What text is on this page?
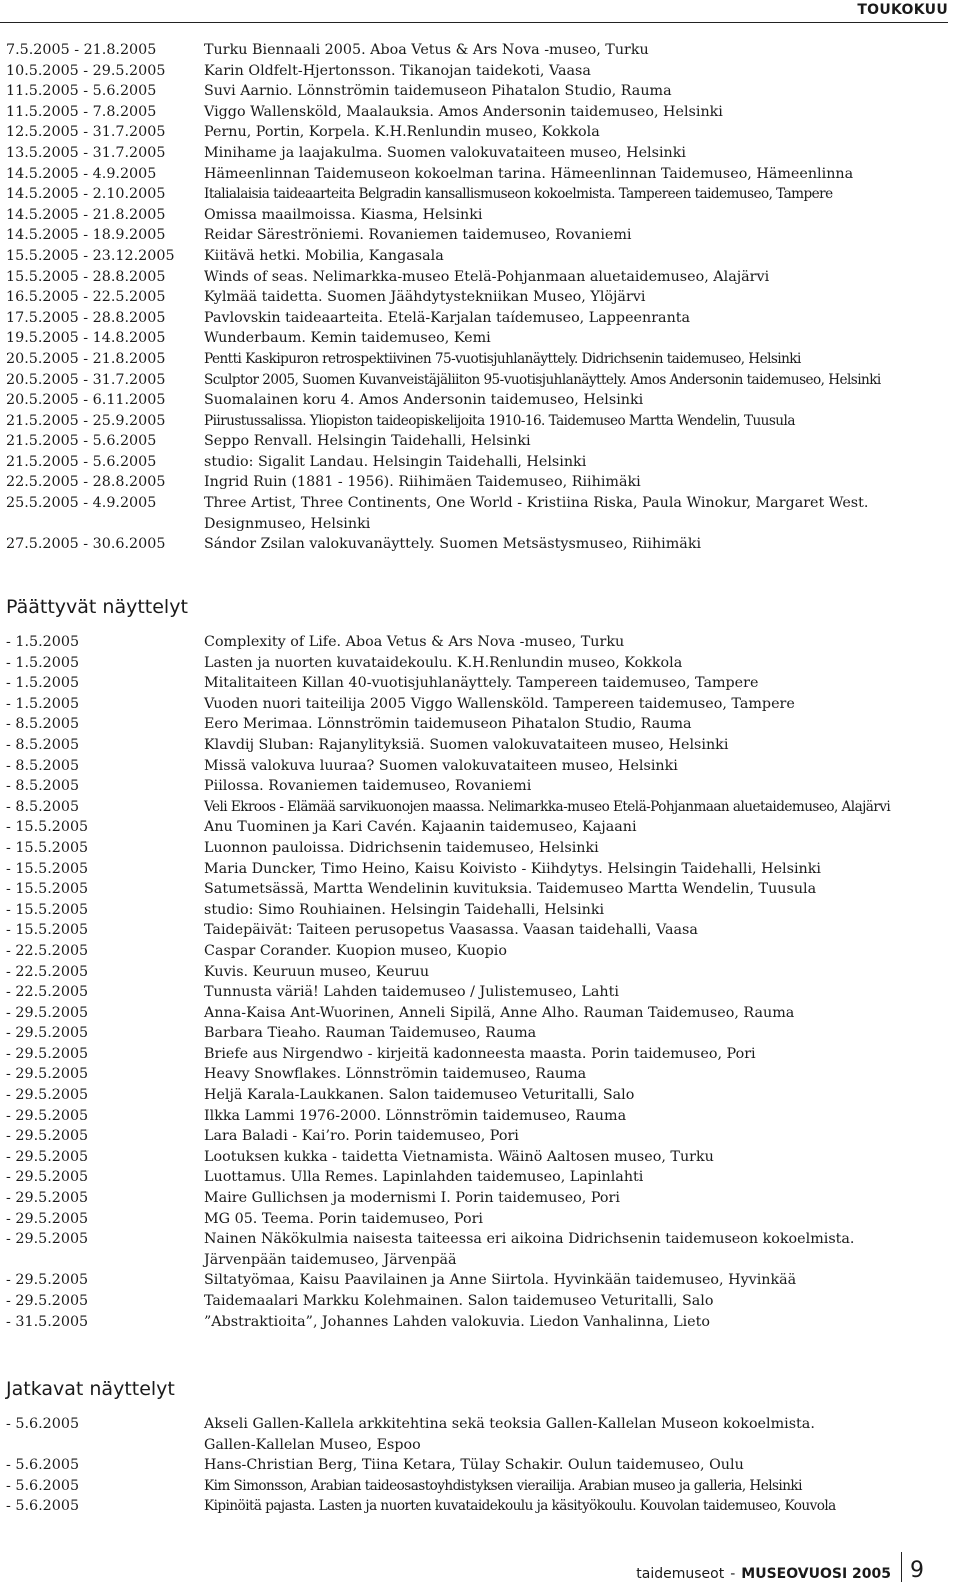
TOUKOKUU
7.5.2005 - 21.8.2005	Turku Biennaali 2005. Aboa Vetus & Ars Nova -museo, Turku
10.5.2005 - 29.5.2005	Karin Oldfelt-Hjertonsson. Tikanojan taidekoti, Vaasa
11.5.2005 - 5.6.2005	Suvi Aarnio. Lönnströmin taidemuseon Pihatalon Studio, Rauma
11.5.2005 - 7.8.2005	Viggo Wallensköld, Maalauksia. Amos Andersonin taidemuseo, Helsinki
12.5.2005 - 31.7.2005	Pernu, Portin, Korpela. K.H.Renlundin museo, Kokkola
13.5.2005 - 31.7.2005	Minihame ja laajakulma. Suomen valokuvataiteen museo, Helsinki
14.5.2005 - 4.9.2005	Hämeenlinnan Taidemuseon kokoelman tarina. Hämeenlinnan Taidemuseo, Hämeenlinna
14.5.2005 - 2.10.2005	Italialaisia taideaarteita Belgradin kansallismuseon kokoelmista. Tampereen taidemuseo, Tampere
14.5.2005 - 21.8.2005	Omissa maailmoissa. Kiasma, Helsinki
14.5.2005 - 18.9.2005	Reidar Säreströniemi. Rovaniemen taidemuseo, Rovaniemi
15.5.2005 - 23.12.2005	Kiitävä hetki. Mobilia, Kangasala
15.5.2005 - 28.8.2005	Winds of seas. Nelimarkka-museo Etelä-Pohjanmaan aluetaidemuseo, Alajärvi
16.5.2005 - 22.5.2005	Kylmää taidetta. Suomen Jäähdytystekniikan Museo, Ylöjärvi
17.5.2005 - 28.8.2005	Pavlovskin taideaarteita. Etelä-Karjalan taídemuseo, Lappeenranta
19.5.2005 - 14.8.2005	Wunderbaum. Kemin taidemuseo, Kemi
20.5.2005 - 21.8.2005	Pentti Kaskipuron retrospektiivinen 75-vuotisjuhlanäyttely. Didrichsenin taidemuseo, Helsinki
20.5.2005 - 31.7.2005	Sculptor 2005, Suomen Kuvanveistäjäliiton 95-vuotisjuhlanäyttely. Amos Andersonin taidemuseo, Helsinki
20.5.2005 - 6.11.2005	Suomalainen koru 4. Amos Andersonin taidemuseo, Helsinki
21.5.2005 - 25.9.2005	Piirustussalissa. Yliopiston taideopiskelijoita 1910-16. Taidemuseo Martta Wendelin, Tuusula
21.5.2005 - 5.6.2005	Seppo Renvall. Helsingin Taidehalli, Helsinki
21.5.2005 - 5.6.2005	studio: Sigalit Landau. Helsingin Taidehalli, Helsinki
22.5.2005 - 28.8.2005	Ingrid Ruin (1881 - 1956). Riihimäen Taidemuseo, Riihimäki
25.5.2005 - 4.9.2005	Three Artist, Three Continents, One World - Kristiina Riska, Paula Winokur, Margaret West.
Designmuseo, Helsinki
27.5.2005 - 30.6.2005	Sándor Zsilan valokuvanäyttely. Suomen Metsästysmuseo, Riihimäki
Päättyvät näyttelyt
- 1.5.2005	Complexity of Life. Aboa Vetus & Ars Nova -museo, Turku
- 1.5.2005	Lasten ja nuorten kuvataidekoulu. K.H.Renlundin museo, Kokkola
- 1.5.2005	Mitalitaiteen Killan 40-vuotisjuhlanäyttely. Tampereen taidemuseo, Tampere
- 1.5.2005	Vuoden nuori taiteilija 2005 Viggo Wallensköld. Tampereen taidemuseo, Tampere
- 8.5.2005	Eero Merimaa. Lönnströmin taidemuseon Pihatalon Studio, Rauma
- 8.5.2005	Klavdij Sluban: Rajanylityksiä. Suomen valokuvataiteen museo, Helsinki
- 8.5.2005	Missä valokuva luuraa? Suomen valokuvataiteen museo, Helsinki
- 8.5.2005	Piilossa. Rovaniemen taidemuseo, Rovaniemi
- 8.5.2005	Veli Ekroos - Elämää sarvikuonojen maassa. Nelimarkka-museo Etelä-Pohjanmaan aluetaidemuseo, Alajärvi
- 15.5.2005	Anu Tuominen ja Kari Cavén. Kajaanin taidemuseo, Kajaani
- 15.5.2005	Luonnon pauloissa. Didrichsenin taidemuseo, Helsinki
- 15.5.2005	Maria Duncker, Timo Heino, Kaisu Koivisto - Kiihdytys. Helsingin Taidehalli, Helsinki
- 15.5.2005	Satumetsässä, Martta Wendelinin kuvituksia. Taidemuseo Martta Wendelin, Tuusula
- 15.5.2005	studio: Simo Rouhiainen. Helsingin Taidehalli, Helsinki
- 15.5.2005	Taidepäivät: Taiteen perusopetus Vaasassa. Vaasan taidehalli, Vaasa
- 22.5.2005	Caspar Corander. Kuopion museo, Kuopio
- 22.5.2005	Kuvis. Keuruun museo, Keuruu
- 22.5.2005	Tunnusta väriä! Lahden taidemuseo / Julistemuseo, Lahti
- 29.5.2005	Anna-Kaisa Ant-Wuorinen, Anneli Sipilä, Anne Alho. Rauman Taidemuseo, Rauma
- 29.5.2005	Barbara Tieaho. Rauman Taidemuseo, Rauma
- 29.5.2005	Briefe aus Nirgendwo - kirjeitä kadonneesta maasta. Porin taidemuseo, Pori
- 29.5.2005	Heavy Snowflakes. Lönnströmin taidemuseo, Rauma
- 29.5.2005	Heljä Karala-Laukkanen. Salon taidemuseo Veturitalli, Salo
- 29.5.2005	Ilkka Lammi 1976-2000. Lönnströmin taidemuseo, Rauma
- 29.5.2005	Lara Baladi - Kai’ro. Porin taidemuseo, Pori
- 29.5.2005	Lootuksen kukka - taidetta Vietnamista. Wäinö Aaltosen museo, Turku
- 29.5.2005	Luottamus. Ulla Remes. Lapinlahden taidemuseo, Lapinlahti
- 29.5.2005	Maire Gullichsen ja modernismi I. Porin taidemuseo, Pori
- 29.5.2005	MG 05. Teema. Porin taidemuseo, Pori
- 29.5.2005	Nainen Näkökulmia naisesta taiteessa eri aikoina Didrichsenin taidemuseon kokoelmista.
Järvenpään taidemuseo, Järvenpää
- 29.5.2005	Siltatyömaa, Kaisu Paavilainen ja Anne Siirtola. Hyvinkään taidemuseo, Hyvinkää
- 29.5.2005	Taidemaalari Markku Kolehmainen. Salon taidemuseo Veturitalli, Salo
- 31.5.2005	”Abstraktioita”, Johannes Lahden valokuvia. Liedon Vanhalinna, Lieto
Jatkavat näyttelyt
- 5.6.2005	Akseli Gallen-Kallela arkkitehtina sekä teoksia Gallen-Kallelan Museon kokoelmista.
Gallen-Kallelan Museo, Espoo
- 5.6.2005	Hans-Christian Berg, Tiina Ketara, Tülay Schakir. Oulun taidemuseo, Oulu
- 5.6.2005	Kim Simonsson, Arabian taideosastoyhdistyksen vierailija. Arabian museo ja galleria, Helsinki
- 5.6.2005	Kipinöitä pajasta. Lasten ja nuorten kuvataidekoulu ja käsityökoulu. Kouvolan taidemuseo, Kouvola
taidemuseot - MUSEOVUOSI 2005 9
